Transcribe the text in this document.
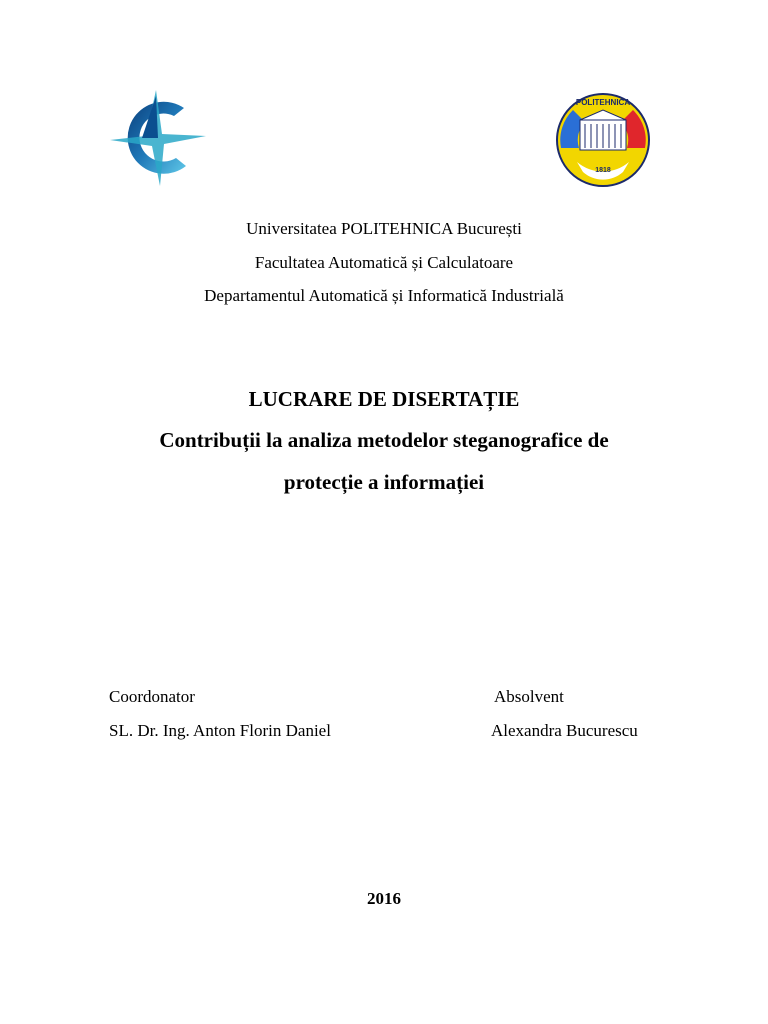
POLITEHNICA
1818
Universitatea POLITEHNICA București
Facultatea Automatică și Calculatoare
Departamentul Automatică și Informatică Industrială
LUCRARE DE DISERTAȚIE
Contribuții la analiza metodelor steganografice de
protecție a informației
Coordonator
SL. Dr. Ing. Anton Florin Daniel
Absolvent
Alexandra Bucurescu
2016
